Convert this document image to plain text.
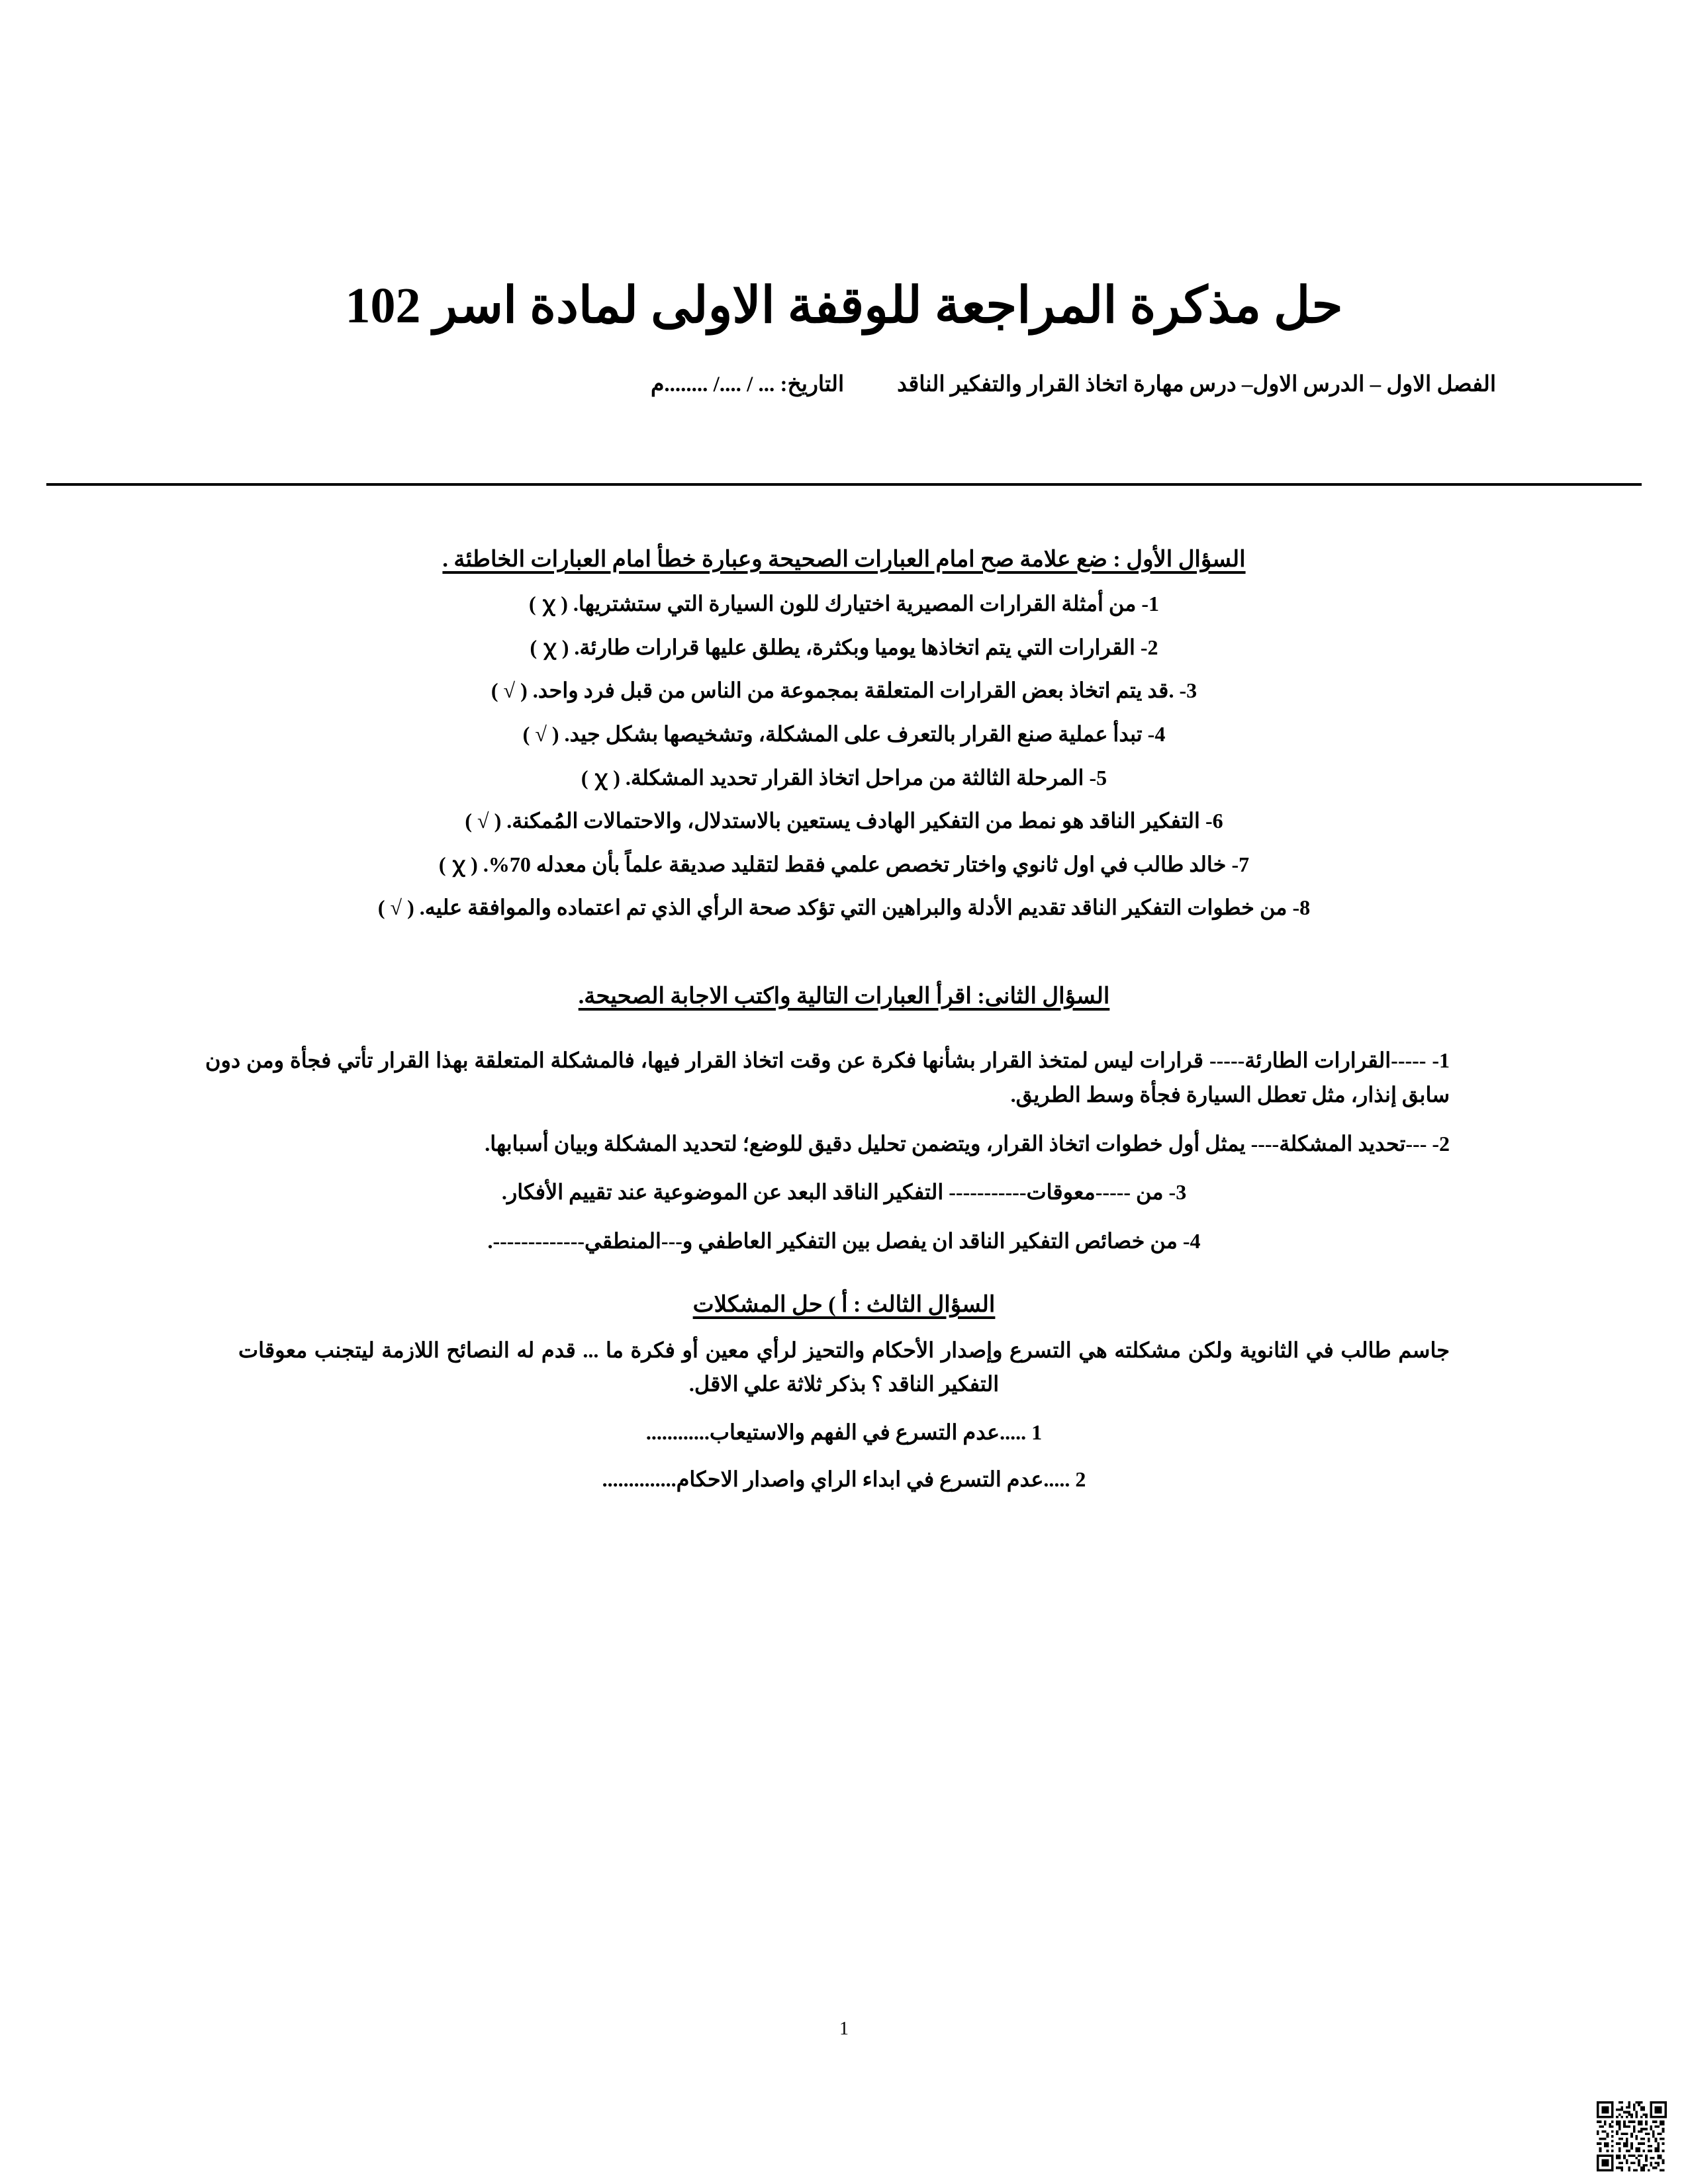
حل مذكرة المراجعة للوقفة الاولى لمادة اسر 102
الفصل الاول – الدرس الاول– درس مهارة اتخاذ القرار والتفكير الناقد
التاريخ: ... / ..../ ........م
السؤال الأول : ضع علامة صح امام العبارات الصحيحة وعبارة خطأ امام العبارات الخاطئة .
1- من أمثلة القرارات المصيرية اختيارك للون السيارة التي ستشتريها. ( ꭓ )
2- القرارات التي يتم اتخاذها يوميا وبكثرة، يطلق عليها قرارات طارئة. ( ꭓ )
3- .قد يتم اتخاذ بعض القرارات المتعلقة بمجموعة من الناس من قبل فرد واحد. ( √ )
4- تبدأ عملية صنع القرار بالتعرف على المشكلة، وتشخيصها بشكل جيد. ( √ )
5- المرحلة الثالثة من مراحل اتخاذ القرار تحديد المشكلة. ( ꭓ )
6- التفكير الناقد هو نمط من التفكير الهادف يستعين بالاستدلال، والاحتمالات المُمكنة. ( √ )
7- خالد طالب في اول ثانوي واختار تخصص علمي فقط لتقليد صديقة علماً بأن معدله 70%. ( ꭓ )
8- من خطوات التفكير الناقد تقديم الأدلة والبراهين التي تؤكد صحة الرأي الذي تم اعتماده والموافقة عليه. ( √ )
السؤال الثانى: اقرأ العبارات التالية واكتب الاجابة الصحيحة.
1- -----القرارات الطارئة----- قرارات ليس لمتخذ القرار بشأنها فكرة عن وقت اتخاذ القرار فيها، فالمشكلة المتعلقة بهذا القرار تأتي فجأة ومن دون سابق إنذار، مثل تعطل السيارة فجأة وسط الطريق.
2- ---تحديد المشكلة---- يمثل أول خطوات اتخاذ القرار، ويتضمن تحليل دقيق للوضع؛ لتحديد المشكلة وبيان أسبابها.
3- من -----معوقات----------- التفكير الناقد البعد عن الموضوعية عند تقييم الأفكار.
4- من خصائص التفكير الناقد ان يفصل بين التفكير العاطفي و---المنطقي-------------.
السؤال الثالث : أ ) حل المشكلات
جاسم طالب في الثانوية ولكن مشكلته هي التسرع وإصدار الأحكام والتحيز لرأي معين أو فكرة ما ... قدم له النصائح اللازمة ليتجنب معوقات التفكير الناقد ؟ بذكر ثلاثة علي الاقل.
1 .....عدم التسرع في الفهم والاستيعاب............
2 .....عدم التسرع في ابداء الراي واصدار الاحكام..............
1
